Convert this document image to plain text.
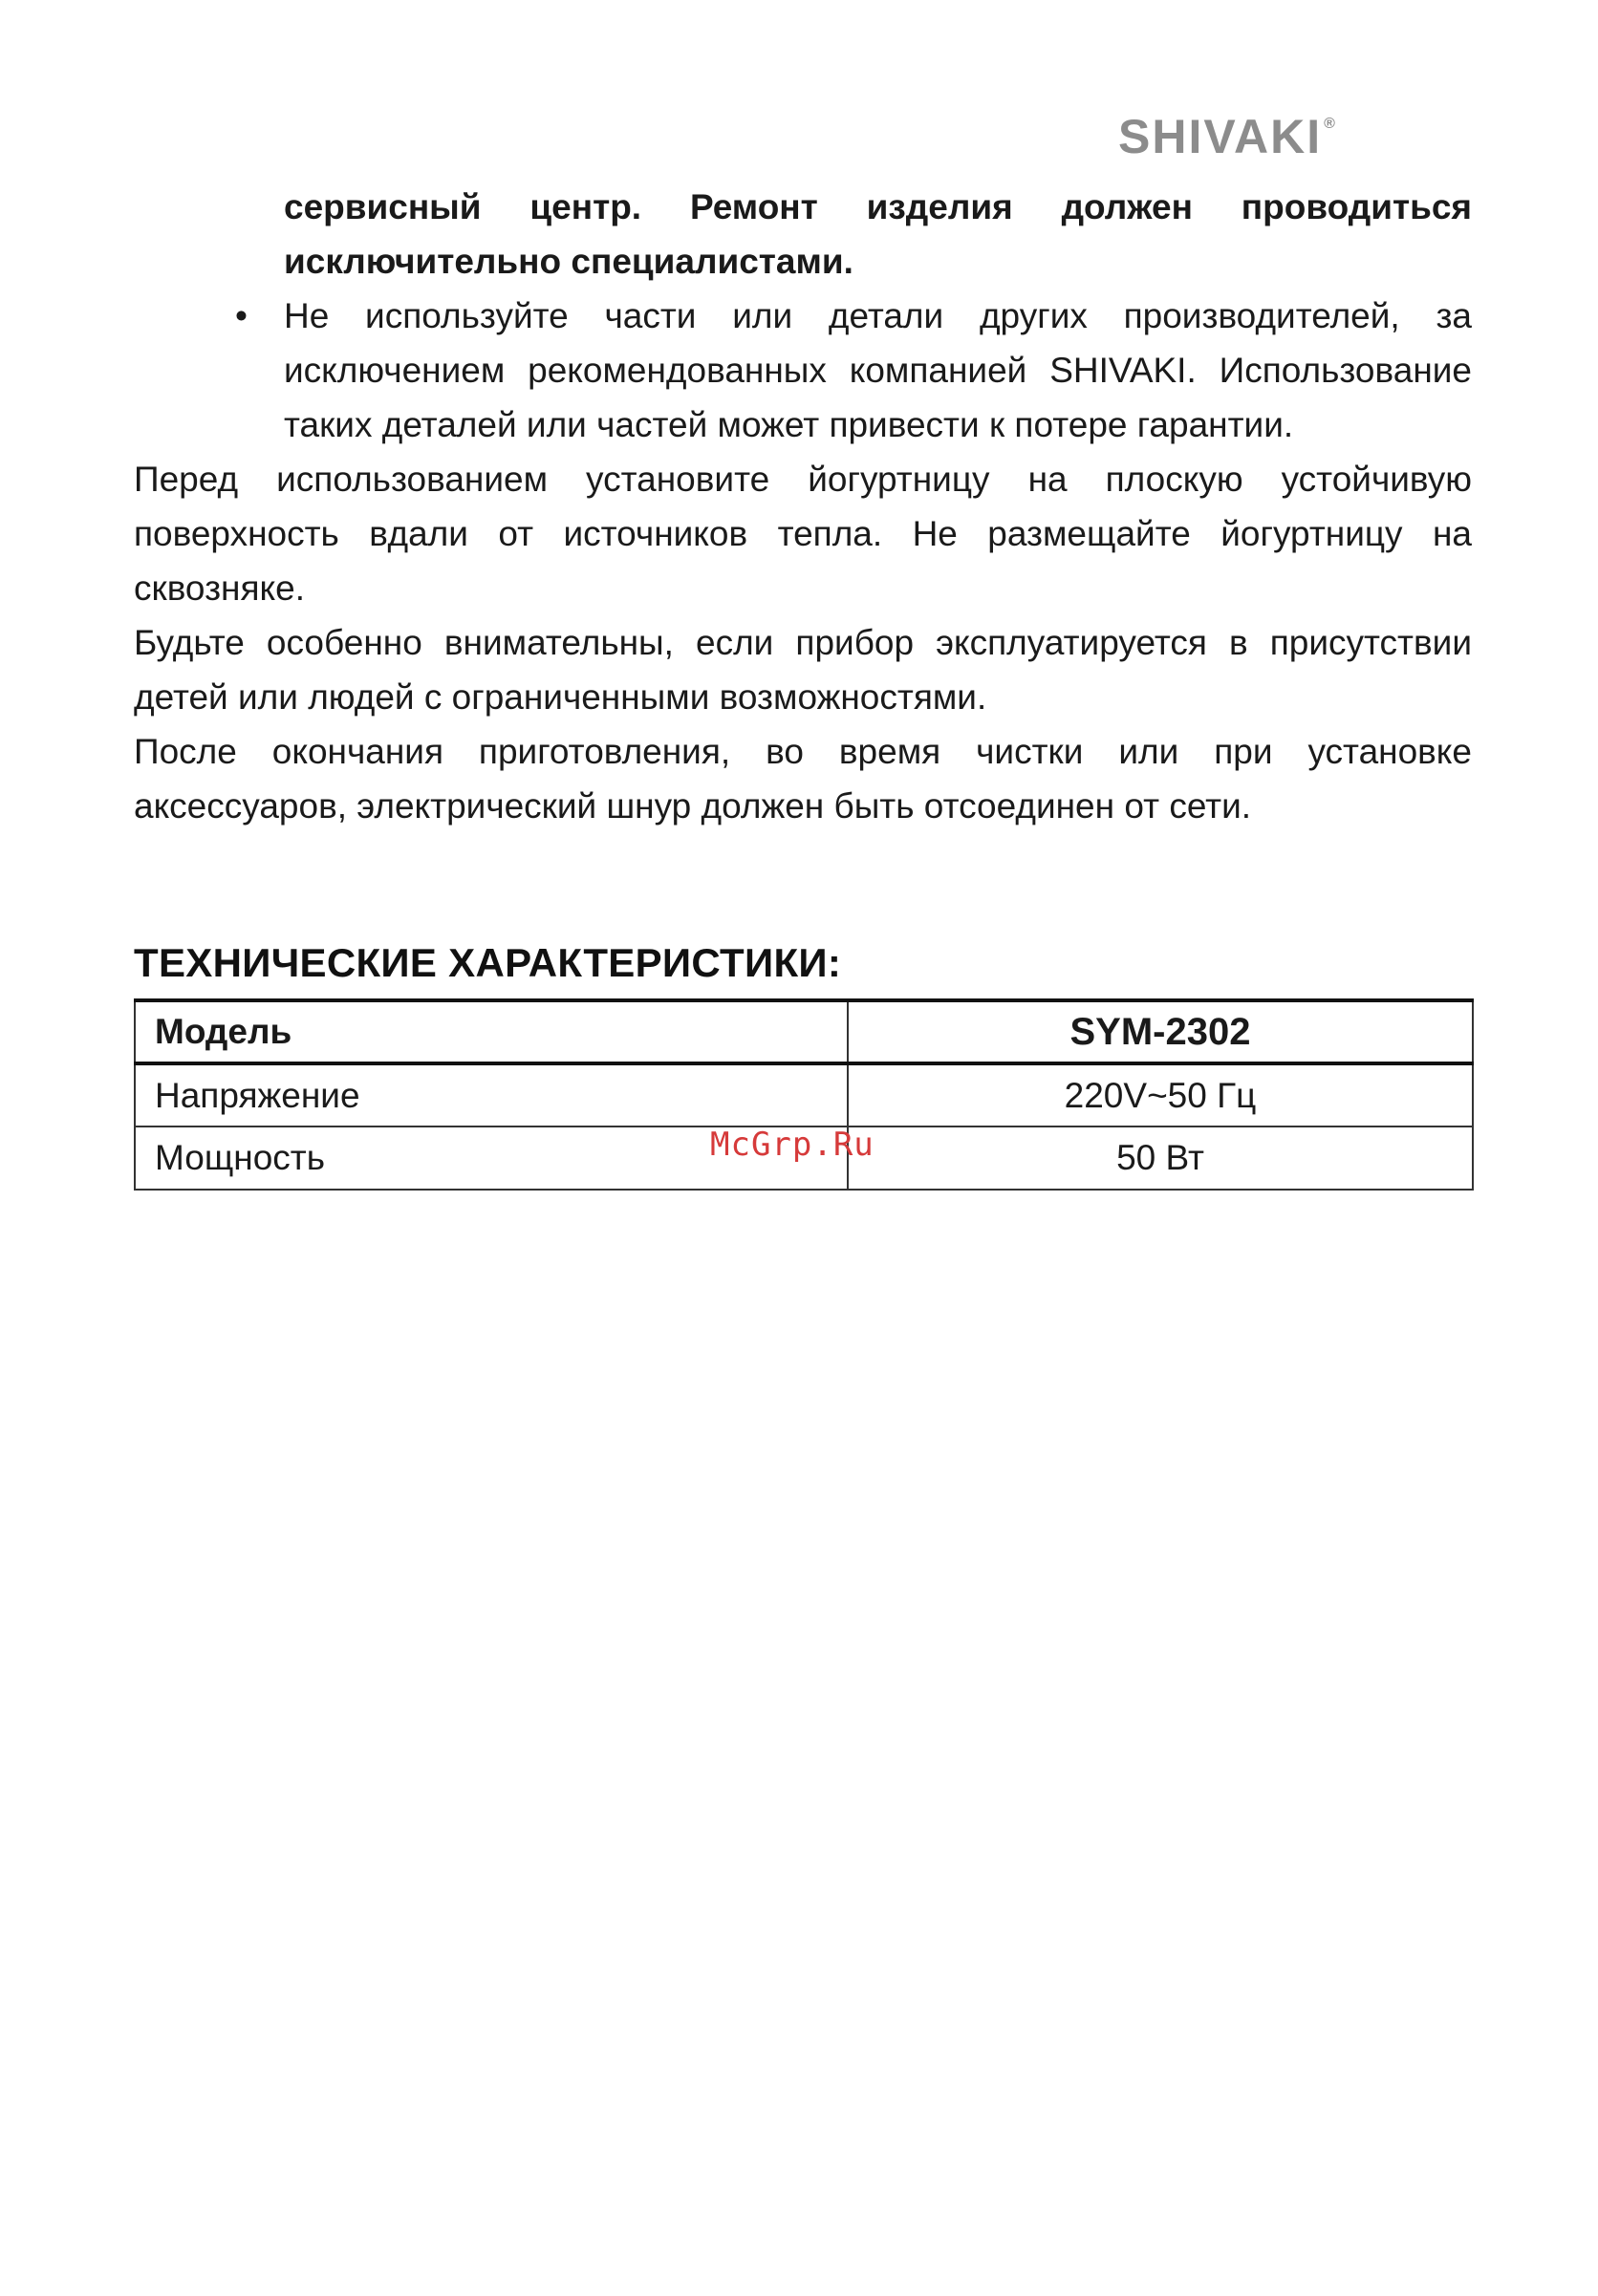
SHIVAKI ®
сервисный центр. Ремонт изделия должен проводиться исключительно специалистами.
• Не используйте части или детали других производителей, за исключением рекомендованных компанией SHIVAKI. Использование таких деталей или частей может привести к потере гарантии.

Перед использованием установите йогуртницу на плоскую устойчивую поверхность вдали от источников тепла. Не размещайте йогуртницу на сквозняке.

Будьте особенно внимательны, если прибор эксплуатируется в присутствии детей или людей с ограниченными возможностями.

После окончания приготовления, во время чистки или при установке аксессуаров, электрический шнур должен быть отсоединен от сети.

ТЕХНИЧЕСКИЕ ХАРАКТЕРИСТИКИ:
Модель	SYM-2302
Напряжение	220V~50 Гц
Мощность	50 Вт
McGrp.Ru
